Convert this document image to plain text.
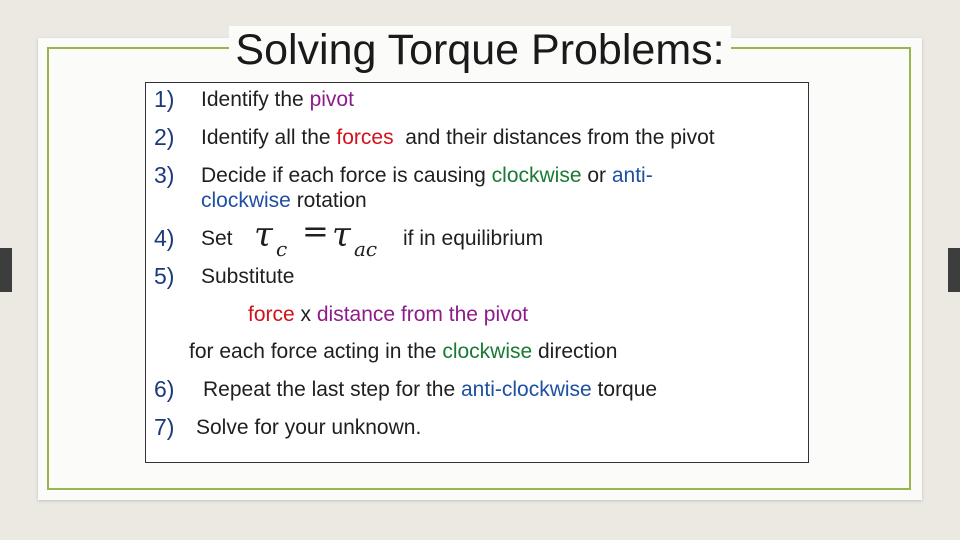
Solving Torque Problems:
1) Identify the pivot
2) Identify all the forces  and their distances from the pivot
3) Decide if each force is causing clockwise or anti-
clockwise rotation
4) Set τ c = τ ac if in equilibrium
5) Substitute
force x distance from the pivot
for each force acting in the clockwise direction
6) Repeat the last step for the anti-clockwise torque
7) Solve for your unknown.
